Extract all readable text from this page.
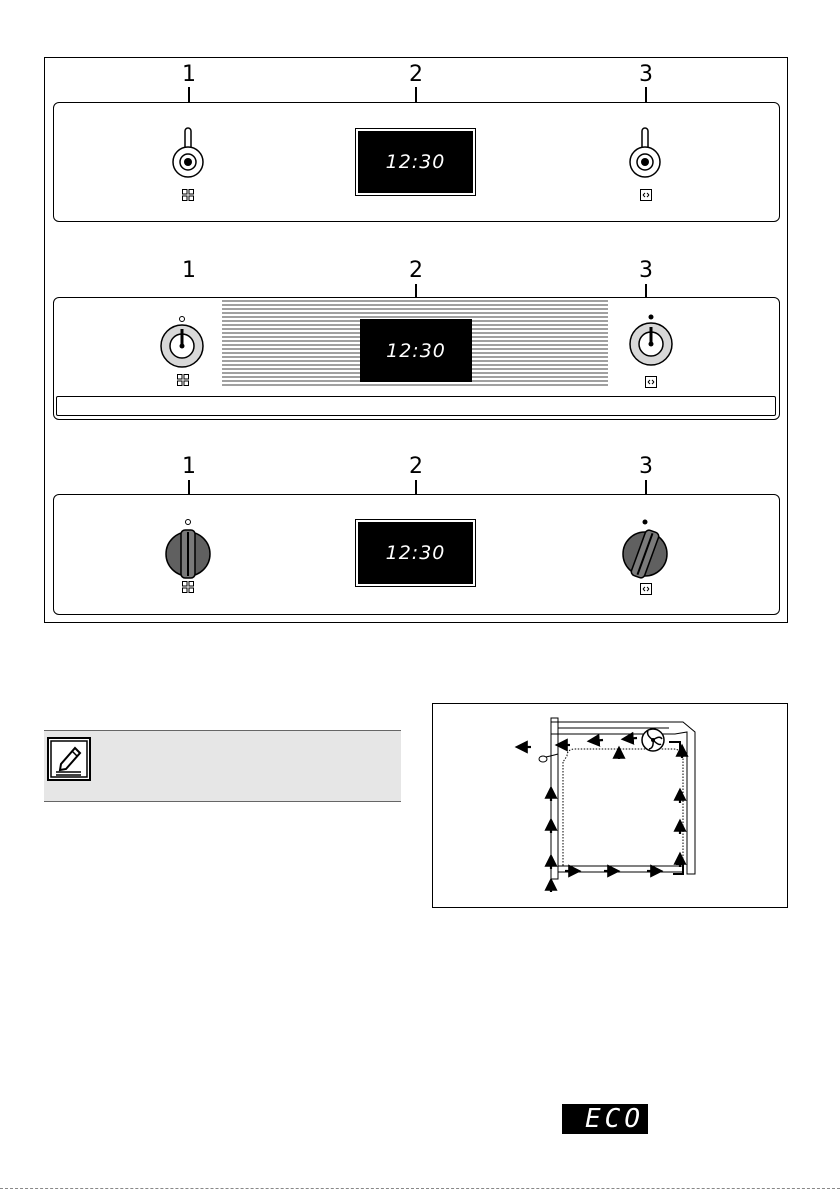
1	2	3
12:30
1	2	3
12:30
1	2	3
12:30
ECO
